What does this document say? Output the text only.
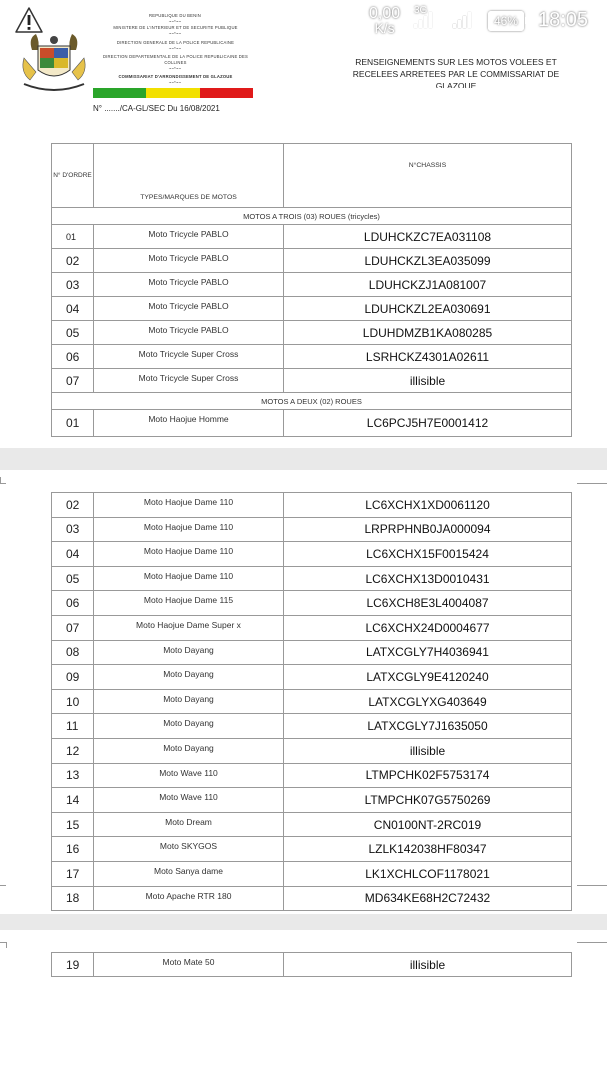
REPUBLIQUE DU BENIN
~~*~~
MINISTERE DE L'INTERIEUR ET DE SECURITE PUBLIQUE
~~*~~
DIRECTION GENERALE DE LA POLICE REPUBLICAINE
~~*~~
DIRECTION DEPARTEMENTALE DE LA POLICE REPUBLICAINE DES
COLLINES
~~*~~
COMMISSARIAT D'ARRONDISSEMENT DE GLAZOUE
~~*~~
RENSEIGNEMENTS SUR LES MOTOS VOLEES ET RECELEES ARRETEES PAR LE COMMISSARIAT DE GLAZOUE
N° ......./CA-GL/SEC Du 16/08/2021
N° D'ORDRE	TYPES/MARQUES DE MOTOS	N°CHASSIS
MOTOS A TROIS (03) ROUES (tricycles)		
01	Moto Tricycle PABLO	LDUHCKZC7EA031108
02	Moto Tricycle PABLO	LDUHCKZL3EA035099
03	Moto Tricycle PABLO	LDUHCKZJ1A081007
04	Moto Tricycle PABLO	LDUHCKZL2EA030691
05	Moto Tricycle PABLO	LDUHDMZB1KA080285
06	Moto Tricycle Super Cross	LSRHCKZ4301A02611
07	Moto Tricycle Super Cross	illisible
MOTOS A DEUX (02) ROUES		
01	Moto Haojue Homme	LC6PCJ5H7E0001412
02	Moto Haojue Dame 110	LC6XCHX1XD0061120
03	Moto Haojue Dame 110	LRPRPHNB0JA000094
04	Moto Haojue Dame 110	LC6XCHX15F0015424
05	Moto Haojue Dame 110	LC6XCHX13D0010431
06	Moto Haojue Dame 115	LC6XCH8E3L4004087
07	Moto Haojue Dame Super x	LC6XCHX24D0004677
08	Moto Dayang	LATXCGLY7H4036941
09	Moto Dayang	LATXCGLY9E4120240
10	Moto Dayang	LATXCGLYXG403649
11	Moto Dayang	LATXCGLY7J1635050
12	Moto Dayang	illisible
13	Moto Wave 110	LTMPCHK02F5753174
14	Moto Wave 110	LTMPCHK07G5750269
15	Moto Dream	CN0100NT-2RC019
16	Moto SKYGOS	LZLK142038HF80347
17	Moto Sanya dame	LK1XCHLCOF1178021
18	Moto Apache RTR 180	MD634KE68H2C72432
19	Moto Mate 50	illisible
0,00
K/s
3G
46% 18:05
